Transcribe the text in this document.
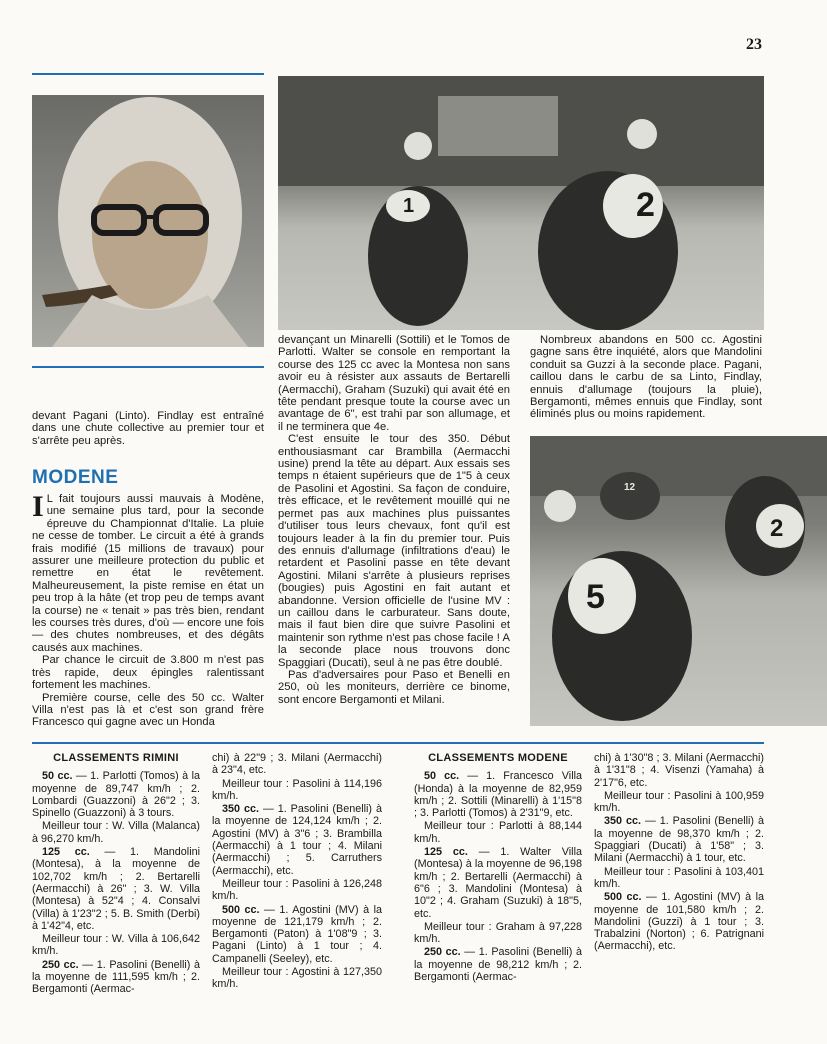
23
1	2

devant Pagani (Linto). Findlay est entraîné dans une chute collective au premier tour et s'arrête peu après.

MODENE

I L fait toujours aussi mauvais à Modène, une semaine plus tard, pour la seconde épreuve du Championnat d'Italie. La pluie ne cesse de tomber. Le circuit a été à grands frais modifié (15 millions de travaux) pour assurer une meilleure protection du public et remettre en état le revêtement. Malheureusement, la piste remise en état un peu trop à la hâte (et trop peu de temps avant la course) ne « tenait » pas très bien, rendant les courses très dures, d'où — encore une fois — des chutes nombreuses, et des dégâts causés aux machines.

Par chance le circuit de 3.800 m n'est pas très rapide, deux épingles ralentissant fortement les machines.

Première course, celle des 50 cc. Walter Villa n'est pas là et c'est son grand frère Francesco qui gagne avec un Honda

devançant un Minarelli (Sottili) et le Tomos de Parlotti. Walter se console en remportant la course des 125 cc avec la Montesa non sans avoir eu à résister aux assauts de Bertarelli (Aermacchi), Graham (Suzuki) qui avait été en tête pendant presque toute la course avec un avantage de 6", est trahi par son allumage, et il ne terminera que 4e.

C'est ensuite le tour des 350. Début enthousiasmant car Brambilla (Aermacchi usine) prend la tête au départ. Aux essais ses temps n étaient supérieurs que de 1"5 à ceux de Pasolini et Agostini. Sa façon de conduire, très efficace, et le revêtement mouillé qui ne permet pas aux machines plus puissantes d'utiliser tous leurs chevaux, font qu'il est toujours leader à la fin du premier tour. Puis des ennuis d'allumage (infiltrations d'eau) le retardent et Pasolini passe en tête devant Agostini. Milani s'arrête à plusieurs reprises (bougies) puis Agostini en fait autant et abandonne. Version officielle de l'usine MV : un caillou dans le carburateur. Sans doute, mais il faut bien dire que suivre Pasolini et maintenir son rythme n'est pas chose facile ! A la seconde place nous trouvons donc Spaggiari (Ducati), seul à ne pas être doublé.

Pas d'adversaires pour Paso et Benelli en 250, où les moniteurs, derrière ce binome, sont encore Bergamonti et Milani.

Nombreux abandons en 500 cc. Agostini gagne sans être inquiété, alors que Mandolini conduit sa Guzzi à la seconde place. Pagani, caillou dans le carbu de sa Linto, Findlay, ennuis d'allumage (toujours la pluie), Bergamonti, mêmes ennuis que Findlay, sont éliminés plus ou moins rapidement.

5
2
12
CLASSEMENTS RIMINI

50 cc. — 1. Parlotti (Tomos) à la moyenne de 89,747 km/h ; 2. Lombardi (Guazzoni) à 26"2 ; 3. Spinello (Guazzoni) à 3 tours.

Meilleur tour : W. Villa (Malanca) à 96,270 km/h.

125 cc. — 1. Mandolini (Montesa), à la moyenne de 102,702 km/h ; 2. Bertarelli (Aermacchi) à 26" ; 3. W. Villa (Montesa) à 52"4 ; 4. Consalvi (Villa) à 1'23"2 ; 5. B. Smith (Derbi) à 1'42"4, etc.

Meilleur tour : W. Villa à 106,642 km/h.

250 cc. — 1. Pasolini (Benelli) à la moyenne de 111,595 km/h ; 2. Bergamonti (Aermac-

chi) à 22"9 ; 3. Milani (Aermacchi) à 23"4, etc.

Meilleur tour : Pasolini à 114,196 km/h.

350 cc. — 1. Pasolini (Benelli) à la moyenne de 124,124 km/h ; 2. Agostini (MV) à 3"6 ; 3. Brambilla (Aermacchi) à 1 tour ; 4. Milani (Aermacchi) ; 5. Carruthers (Aermacchi), etc.

Meilleur tour : Pasolini à 126,248 km/h.

500 cc. — 1. Agostini (MV) à la moyenne de 121,179 km/h ; 2. Bergamonti (Paton) à 1'08"9 ; 3. Pagani (Linto) à 1 tour ; 4. Campanelli (Seeley), etc.

Meilleur tour : Agostini à 127,350 km/h.

CLASSEMENTS MODENE

50 cc. — 1. Francesco Villa (Honda) à la moyenne de 82,959 km/h ; 2. Sottili (Minarelli) à 1'15"8 ; 3. Parlotti (Tomos) à 2'31"9, etc.

Meilleur tour : Parlotti à 88,144 km/h.

125 cc. — 1. Walter Villa (Montesa) à la moyenne de 96,198 km/h ; 2. Bertarelli (Aermacchi) à 6"6 ; 3. Mandolini (Montesa) à 10"2 ; 4. Graham (Suzuki) à 18"5, etc.

Meilleur tour : Graham à 97,228 km/h.

250 cc. — 1. Pasolini (Benelli) à la moyenne de 98,212 km/h ; 2. Bergamonti (Aermac-

chi) à 1'30"8 ; 3. Milani (Aermacchi) à 1'31"8 ; 4. Visenzi (Yamaha) à 2'17"6, etc.

Meilleur tour : Pasolini à 100,959 km/h.

350 cc. — 1. Pasolini (Benelli) à la moyenne de 98,370 km/h ; 2. Spaggiari (Ducati) à 1'58" ; 3. Milani (Aermacchi) à 1 tour, etc.

Meilleur tour : Pasolini à 103,401 km/h.

500 cc. — 1. Agostini (MV) à la moyenne de 101,580 km/h ; 2. Mandolini (Guzzi) à 1 tour ; 3. Trabalzini (Norton) ; 6. Patrignani (Aermacchi), etc.
